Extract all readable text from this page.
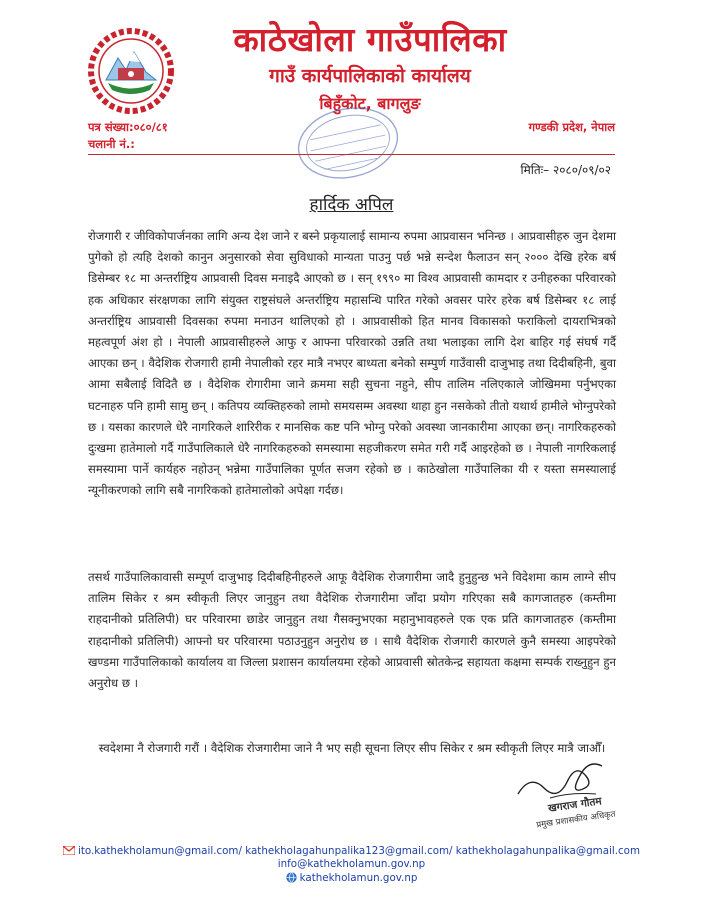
काठेखोला गाउँपालिका
गाउँ कार्यपालिकाको कार्यालय
बिहुँकोट, बागलुङ
पत्र संख्या:०८०/८१
चलानी नं.:
गण्डकी प्रदेश, नेपाल
मितिः– २०८०/०९/०२
हार्दिक अपिल

रोजगारी र जीविकोपार्जनका लागि अन्य देश जाने र बस्ने प्रकृयालाई सामान्य रुपमा आप्रवासन भनिन्छ । आप्रवासीहरु जुन देशमा पुगेको हो त्यहि देशको कानुन अनुसारको सेवा सुविधाको मान्यता पाउनु पर्छ भन्ने सन्देश फैलाउन सन् २००० देखि हरेक बर्ष डिसेम्बर १८ मा अन्तर्राष्ट्रिय आप्रवासी दिवस मनाइदै आएको छ । सन् १९९० मा विश्व आप्रवासी कामदार र उनीहरुका परिवारको हक अधिकार संरक्षणका लागि संयुक्त राष्ट्रसंघले अन्तर्राष्ट्रिय महासन्धि पारित गरेको अवसर पारेर हरेक बर्ष डिसेम्बर १८ लाई अन्तर्राष्ट्रिय आप्रवासी दिवसका रुपमा मनाउन थालिएको हो । आप्रवासीको हित मानव विकासको फराकिलो दायराभित्रको महत्वपूर्ण अंश हो । नेपाली आप्रवासीहरुले आफु र आफ्ना परिवारको उन्नति तथा भलाइका लागि देश बाहिर गई संघर्ष गर्दै आएका छन् । वैदेशिक रोजगारी हामी नेपालीको रहर मात्रै नभएर बाध्यता बनेको सम्पुर्ण गाउँवासी दाजुभाइ तथा दिदीबहिनी, बुवा आमा सबैलाई विदितै छ । वैदेशिक रोगारीमा जाने क्रममा सही सुचना नहुने, सीप तालिम नलिएकाले जोखिममा पर्नुभएका घटनाहरु पनि हामी सामु छन् । कतिपय व्यक्तिहरुको लामो समयसम्म अवस्था थाहा हुन नसकेको तीतो यथार्थ हामीले भोग्नुपरेको छ । यसका कारणले धेरै नागरिकले शारिरीक र मानसिक कष्ट पनि भोग्नु परेको अवस्था जानकारीमा आएका छन्। नागरिकहरुको दुःखमा हातेमालो गर्दै गाउँपालिकाले धेरै नागरिकहरुको समस्यामा सहजीकरण समेत गरी गर्दै आइरहेको छ । नेपाली नागरिकलाई समस्यामा पार्ने कार्यहरु नहोउन् भन्नेमा गाउँपालिका पूर्णत सजग रहेको छ । काठेखोला गाउँपालिका यी र यस्ता समस्यालाई न्यूनीकरणको लागि सबै नागरिकको हातेमालोको अपेक्षा गर्दछ।

तसर्थ गाउँपालिकावासी सम्पूर्ण दाजुभाइ दिदीबहिनीहरुले आफू वैदेशिक रोजगारीमा जादै हुनुहुन्छ भने विदेशमा काम लाग्ने सीप तालिम सिकेर र श्रम स्वीकृती लिएर जानुहुन तथा वैदेशिक रोजगारीमा जाँदा प्रयोग गरिएका सबै कागजातहरु (कम्तीमा राहदानीको प्रतिलिपी) घर परिवारमा छाडेर जानुहुन तथा गैसक्नुभएका महानुभावहरुले एक एक प्रति कागजातहरु (कम्तीमा राहदानीको प्रतिलिपी) आफ्नो घर परिवारमा पठाउनुहुन अनुरोध छ । साथै वैदेशिक रोजगारी कारणले कुनै समस्या आइपरेको खण्डमा गाउँपालिकाको कार्यालय वा जिल्ला प्रशासन कार्यालयमा रहेको आप्रवासी स्रोतकेन्द्र सहायता कक्षमा सम्पर्क राख्नुहुन हुन अनुरोध छ ।

स्वदेशमा नै रोजगारी गरौं । वैदेशिक रोजगारीमा जाने नै भए सही सूचना लिएर सीप सिकेर र श्रम स्वीकृती लिएर मात्रै जाऔँ।

खगराज गौतम
प्रमुख प्रशासकीय अधिकृत
ito.kathekholamun@gmail.com/ kathekholagahunpalika123@gmail.com/ kathekholagahunpalika@gmail.com
info@kathekholamun.gov.np
kathekholamun.gov.np
